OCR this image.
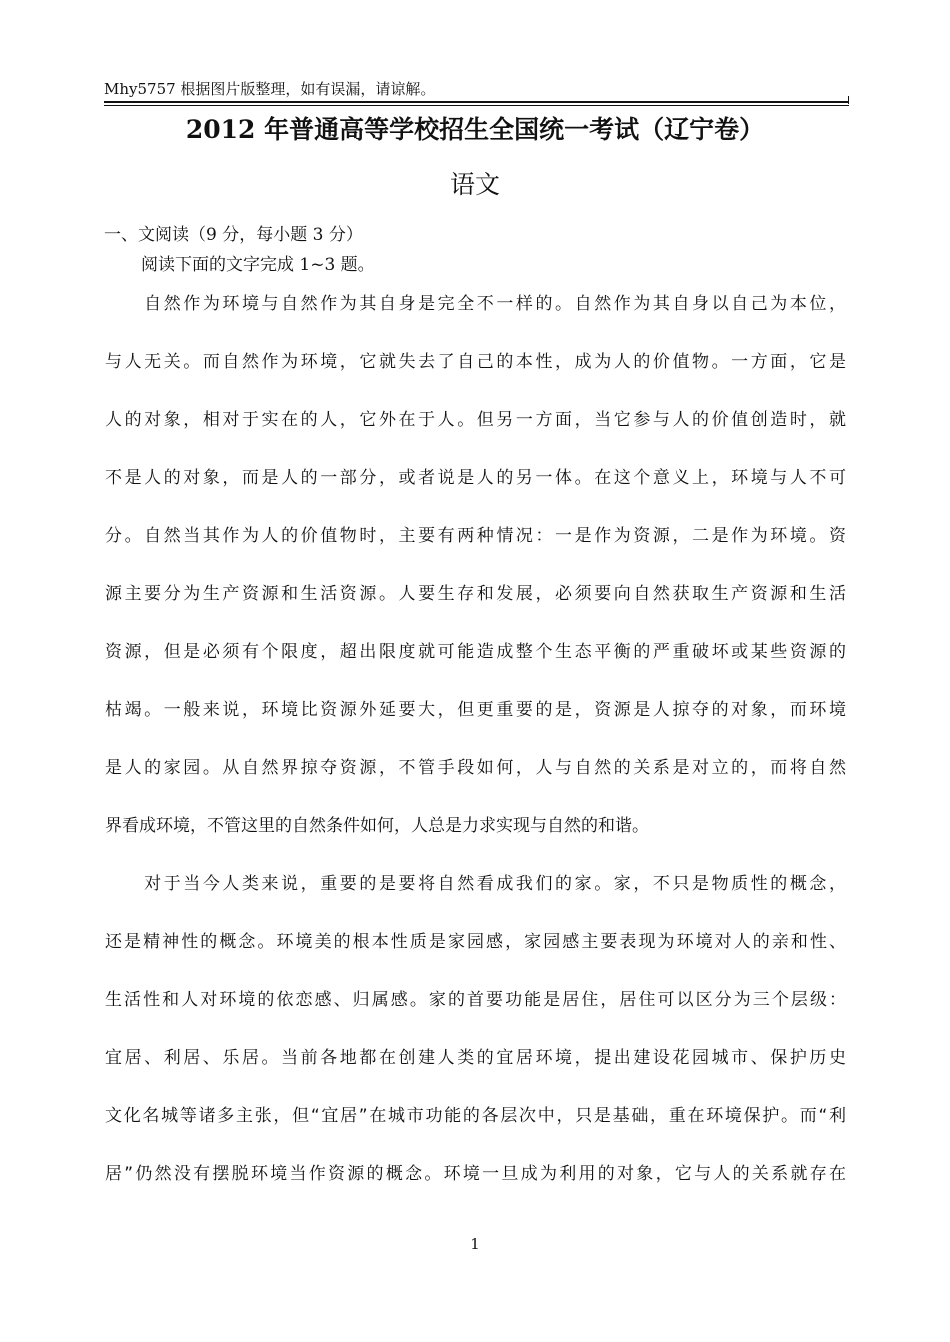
Mhy5757 根据图片版整理，如有误漏，请谅解。
2012 年普通高等学校招生全国统一考试（辽宁卷）
语文
一、文阅读（9 分，每小题 3 分）
阅读下面的文字完成 1~3 题。
　　自然作为环境与自然作为其自身是完全不一样的。自然作为其自身以自己为本位，
与人无关。而自然作为环境，它就失去了自己的本性，成为人的价值物。一方面，它是
人的对象，相对于实在的人，它外在于人。但另一方面，当它参与人的价值创造时，就
不是人的对象，而是人的一部分，或者说是人的另一体。在这个意义上，环境与人不可
分。自然当其作为人的价值物时，主要有两种情况：一是作为资源，二是作为环境。资
源主要分为生产资源和生活资源。人要生存和发展，必须要向自然获取生产资源和生活
资源，但是必须有个限度，超出限度就可能造成整个生态平衡的严重破坏或某些资源的
枯竭。一般来说，环境比资源外延要大，但更重要的是，资源是人掠夺的对象，而环境
是人的家园。从自然界掠夺资源，不管手段如何，人与自然的关系是对立的，而将自然
界看成环境，不管这里的自然条件如何，人总是力求实现与自然的和谐。
　　对于当今人类来说，重要的是要将自然看成我们的家。家，不只是物质性的概念，
还是精神性的概念。环境美的根本性质是家园感，家园感主要表现为环境对人的亲和性、
生活性和人对环境的依恋感、归属感。家的首要功能是居住，居住可以区分为三个层级：
宜居、利居、乐居。当前各地都在创建人类的宜居环境，提出建设花园城市、保护历史
文化名城等诸多主张，但“宜居”在城市功能的各层次中，只是基础，重在环境保护。而“利
居”仍然没有摆脱环境当作资源的概念。环境一旦成为利用的对象，它与人的关系就存在
1
